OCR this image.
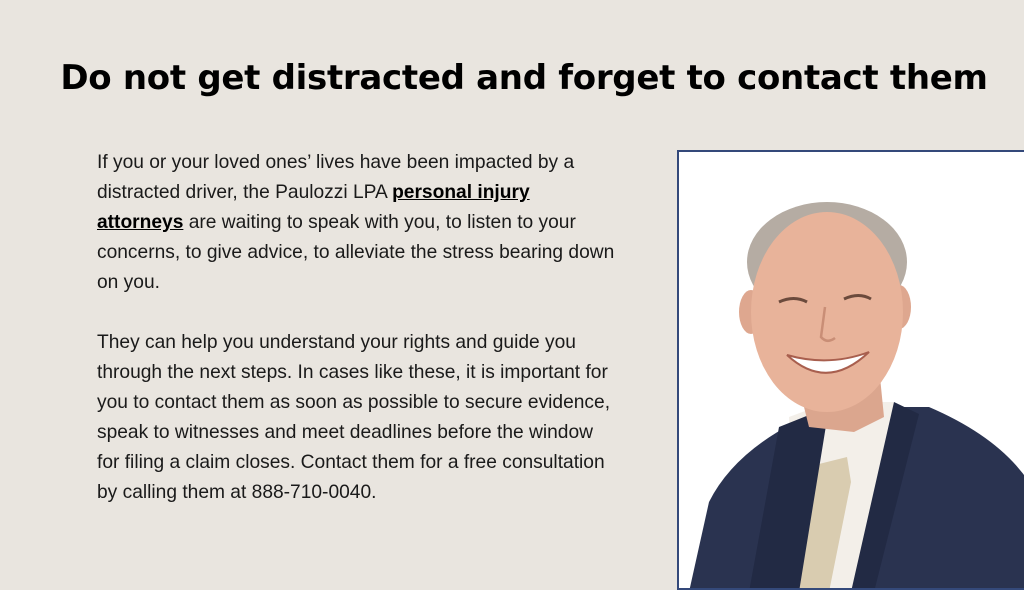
Do not get distracted and forget to contact them

If you or your loved ones’ lives have been impacted by a distracted driver, the Paulozzi LPA personal injury attorneys are waiting to speak with you, to listen to your concerns, to give advice, to alleviate the stress bearing down on you.

They can help you understand your rights and guide you through the next steps. In cases like these, it is important for you to contact them as soon as possible to secure evidence, speak to witnesses and meet deadlines before the window for filing a claim closes. Contact them for a free consultation by calling them at 888-710-0040.
